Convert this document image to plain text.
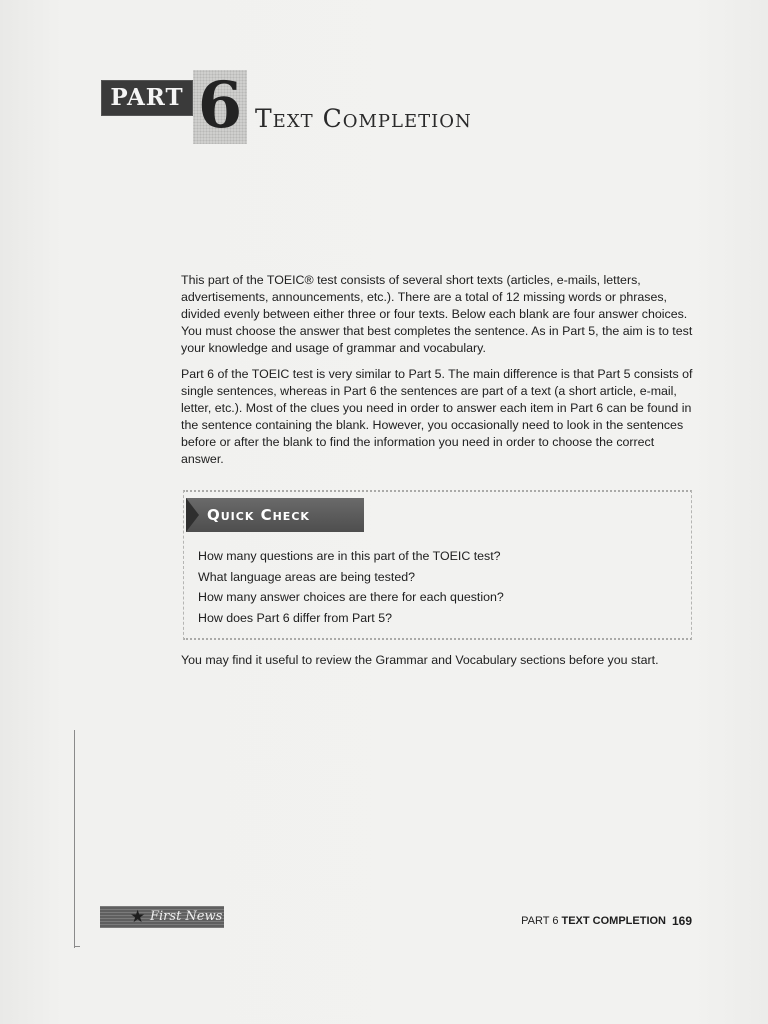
PART 6 Text Completion

This part of the TOEIC® test consists of several short texts (articles, e-mails, letters, advertisements, announcements, etc.). There are a total of 12 missing words or phrases, divided evenly between either three or four texts. Below each blank are four answer choices. You must choose the answer that best completes the sentence. As in Part 5, the aim is to test your knowledge and usage of grammar and vocabulary.

Part 6 of the TOEIC test is very similar to Part 5. The main difference is that Part 5 consists of single sentences, whereas in Part 6 the sentences are part of a text (a short article, e-mail, letter, etc.). Most of the clues you need in order to answer each item in Part 6 can be found in the sentence containing the blank. However, you occasionally need to look in the sentences before or after the blank to find the information you need in order to choose the correct answer.

Quick Check
How many questions are in this part of the TOEIC test?
What language areas are being tested?
How many answer choices are there for each question?
How does Part 6 differ from Part 5?
You may find it useful to review the Grammar and Vocabulary sections before you start.
★ First News	PART 6 TEXT COMPLETION 169
